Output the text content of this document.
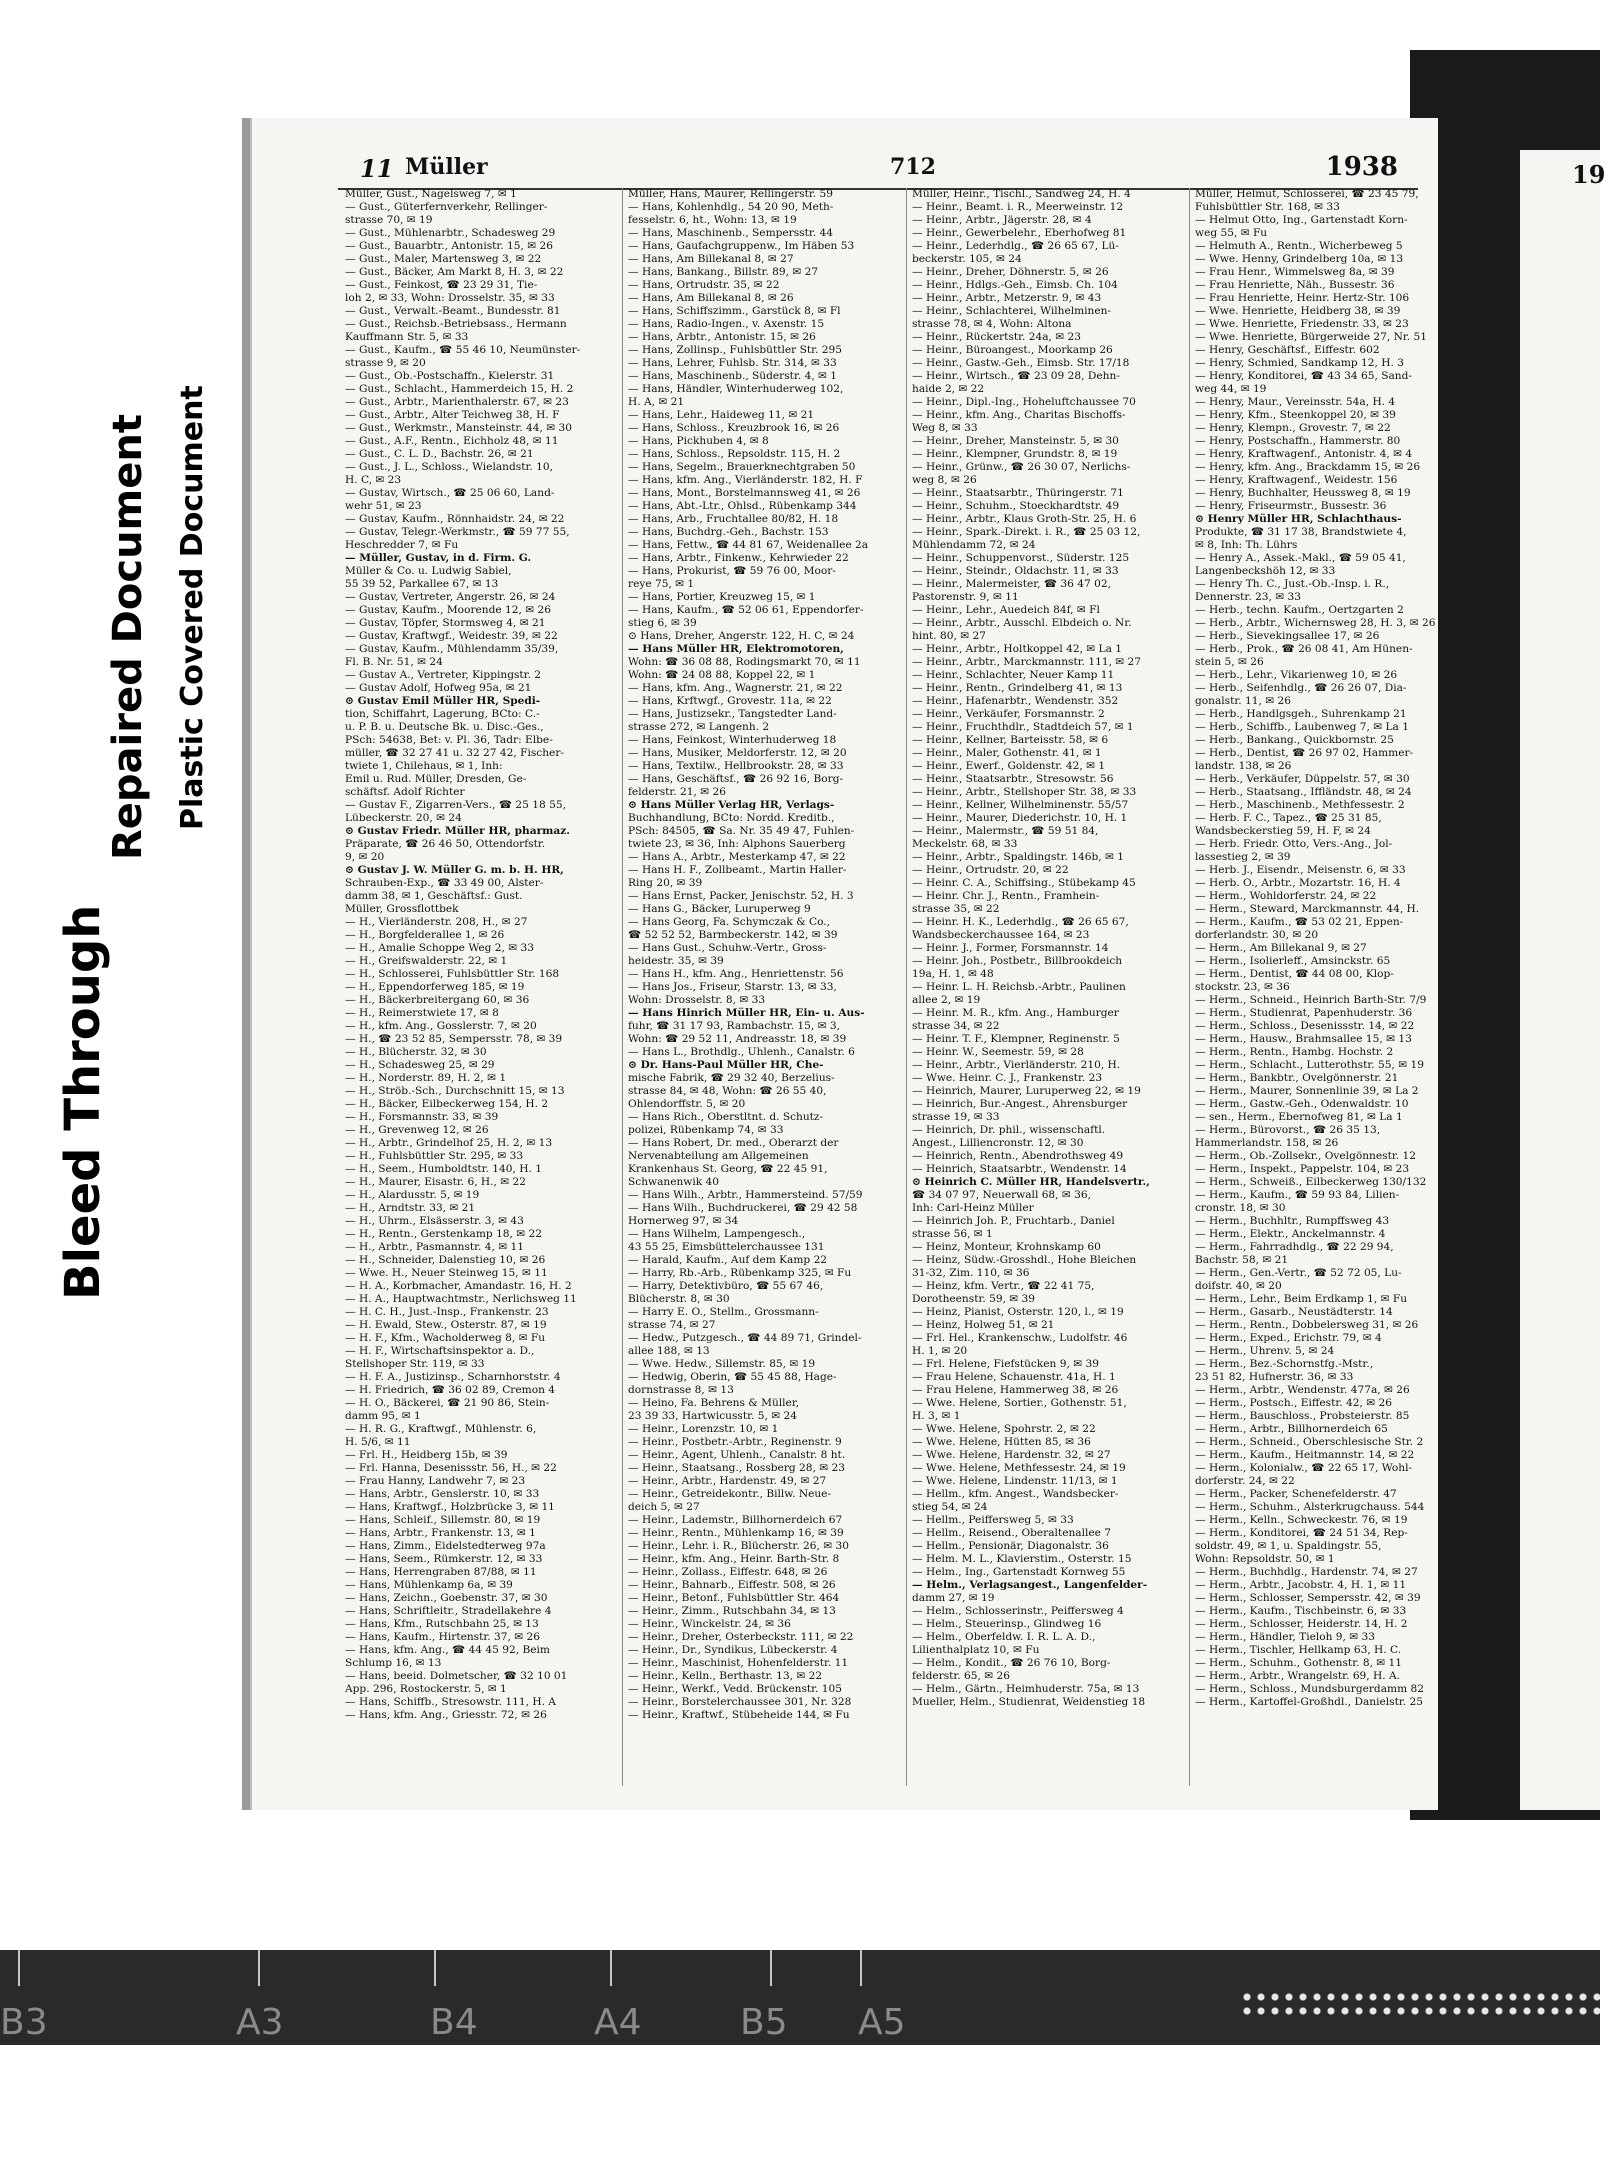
Bleed Through
Repaired Document Plastic Covered Document
19
11 Müller	712	1938
Müller, Gust., Nagelsweg 7, ✉ 1
— Gust., Güterfernverkehr, Rellinger-
strasse 70, ✉ 19
— Gust., Mühlenarbtr., Schadesweg 29
— Gust., Bauarbtr., Antonistr. 15, ✉ 26
— Gust., Maler, Martensweg 3, ✉ 22
— Gust., Bäcker, Am Markt 8, H. 3, ✉ 22
— Gust., Feinkost, ☎ 23 29 31, Tie-
loh 2, ✉ 33, Wohn: Drosselstr. 35, ✉ 33
— Gust., Verwalt.-Beamt., Bundesstr. 81
— Gust., Reichsb.-Betriebsass., Hermann
Kauffmann Str. 5, ✉ 33
— Gust., Kaufm., ☎ 55 46 10, Neumünster-
strasse 9, ✉ 20
— Gust., Ob.-Postschaffn., Kielerstr. 31
— Gust., Schlacht., Hammerdeich 15, H. 2
— Gust., Arbtr., Marienthalerstr. 67, ✉ 23
— Gust., Arbtr., Alter Teichweg 38, H. F
— Gust., Werkmstr., Mansteinstr. 44, ✉ 30
— Gust., A.F., Rentn., Eichholz 48, ✉ 11
— Gust., C. L. D., Bachstr. 26, ✉ 21
— Gust., J. L., Schloss., Wielandstr. 10,
H. C, ✉ 23
— Gustav, Wirtsch., ☎ 25 06 60, Land-
wehr 51, ✉ 23
— Gustav, Kaufm., Rönnhaidstr. 24, ✉ 22
— Gustav, Telegr.-Werkmstr., ☎ 59 77 55,
Heschredder 7, ✉ Fu
— Müller, Gustav, in d. Firm. G.
Müller & Co. u. Ludwig Sabiel,
55 39 52, Parkallee 67, ✉ 13
— Gustav, Vertreter, Angerstr. 26, ✉ 24
— Gustav, Kaufm., Moorende 12, ✉ 26
— Gustav, Töpfer, Stormsweg 4, ✉ 21
— Gustav, Kraftwgf., Weidestr. 39, ✉ 22
— Gustav, Kaufm., Mühlendamm 35/39,
Fl. B. Nr. 51, ✉ 24
— Gustav A., Vertreter, Kippingstr. 2
— Gustav Adolf, Hofweg 95a, ✉ 21
⊙ Gustav Emil Müller HR, Spedi-
tion, Schiffahrt, Lagerung, BCto: C.-
u. P. B. u. Deutsche Bk. u. Disc.-Ges.,
PSch: 54638, Bet: v. Pl. 36, Tadr: Elbe-
müller, ☎ 32 27 41 u. 32 27 42, Fischer-
twiete 1, Chilehaus, ✉ 1, Inh:
Emil u. Rud. Müller, Dresden, Ge-
schäftsf. Adolf Richter
— Gustav F., Zigarren-Vers., ☎ 25 18 55,
Lübeckerstr. 20, ✉ 24
⊙ Gustav Friedr. Müller HR, pharmaz.
Präparate, ☎ 26 46 50, Ottendorfstr.
9, ✉ 20
⊙ Gustav J. W. Müller G. m. b. H. HR,
Schrauben-Exp., ☎ 33 49 00, Alster-
damm 38, ✉ 1, Geschäftsf.: Gust.
Müller, Grossflottbek
— H., Vierländerstr. 208, H., ✉ 27
— H., Borgfelderallee 1, ✉ 26
— H., Amalie Schoppe Weg 2, ✉ 33
— H., Greifswalderstr. 22, ✉ 1
— H., Schlosserei, Fuhlsbüttler Str. 168
— H., Eppendorferweg 185, ✉ 19
— H., Bäckerbreitergang 60, ✉ 36
— H., Reimerstwiete 17, ✉ 8
— H., kfm. Ang., Gosslerstr. 7, ✉ 20
— H., ☎ 23 52 85, Sempersstr. 78, ✉ 39
— H., Blücherstr. 32, ✉ 30
— H., Schadesweg 25, ✉ 29
— H., Norderstr. 89, H. 2, ✉ 1
— H., Ströb.-Sch., Durchschnitt 15, ✉ 13
— H., Bäcker, Eilbeckerweg 154, H. 2
— H., Forsmannstr. 33, ✉ 39
— H., Grevenweg 12, ✉ 26
— H., Arbtr., Grindelhof 25, H. 2, ✉ 13
— H., Fuhlsbüttler Str. 295, ✉ 33
— H., Seem., Humboldtstr. 140, H. 1
— H., Maurer, Eisastr. 6, H., ✉ 22
— H., Alardusstr. 5, ✉ 19
— H., Arndtstr. 33, ✉ 21
— H., Uhrm., Elsässerstr. 3, ✉ 43
— H., Rentn., Gerstenkamp 18, ✉ 22
— H., Arbtr., Pasmannstr. 4, ✉ 11
— H., Schneider, Dalenstieg 10, ✉ 26
— Wwe. H., Neuer Steinweg 15, ✉ 11
— H. A., Korbmacher, Amandastr. 16, H. 2
— H. A., Hauptwachtmstr., Nerlichsweg 11
— H. C. H., Just.-Insp., Frankenstr. 23
— H. Ewald, Stew., Osterstr. 87, ✉ 19
— H. F., Kfm., Wacholderweg 8, ✉ Fu
— H. F., Wirtschaftsinspektor a. D.,
Stellshoper Str. 119, ✉ 33
— H. F. A., Justizinsp., Scharnhorststr. 4
— H. Friedrich, ☎ 36 02 89, Cremon 4
— H. O., Bäckerei, ☎ 21 90 86, Stein-
damm 95, ✉ 1
— H. R. G., Kraftwgf., Mühlenstr. 6,
H. 5/6, ✉ 11
— Frl. H., Heidberg 15b, ✉ 39
— Frl. Hanna, Desenissstr. 56, H., ✉ 22
— Frau Hanny, Landwehr 7, ✉ 23
— Hans, Arbtr., Genslerstr. 10, ✉ 33
— Hans, Kraftwgf., Holzbrücke 3, ✉ 11
— Hans, Schleif., Sillemstr. 80, ✉ 19
— Hans, Arbtr., Frankenstr. 13, ✉ 1
— Hans, Zimm., Eidelstedterweg 97a
— Hans, Seem., Rümkerstr. 12, ✉ 33
— Hans, Herrengraben 87/88, ✉ 11
— Hans, Mühlenkamp 6a, ✉ 39
— Hans, Zeichn., Goebenstr. 37, ✉ 30
— Hans, Schriftleitr., Stradellakehre 4
— Hans, Kfm., Rutschbahn 25, ✉ 13
— Hans, Kaufm., Hirtenstr. 37, ✉ 26
— Hans, kfm. Ang., ☎ 44 45 92, Beim
Schlump 16, ✉ 13
— Hans, beeid. Dolmetscher, ☎ 32 10 01
App. 296, Rostockerstr. 5, ✉ 1
— Hans, Schiffb., Stresowstr. 111, H. A
— Hans, kfm. Ang., Griesstr. 72, ✉ 26
Müller, Hans, Maurer, Rellingerstr. 59
— Hans, Kohlenhdlg., 54 20 90, Meth-
fesselstr. 6, ht., Wohn: 13, ✉ 19
— Hans, Maschinenb., Sempersstr. 44
— Hans, Gaufachgruppenw., Im Häben 53
— Hans, Am Billekanal 8, ✉ 27
— Hans, Bankang., Billstr. 89, ✉ 27
— Hans, Ortrudstr. 35, ✉ 22
— Hans, Am Billekanal 8, ✉ 26
— Hans, Schiffszimm., Garstück 8, ✉ Fl
— Hans, Radio-Ingen., v. Axenstr. 15
— Hans, Arbtr., Antonistr. 15, ✉ 26
— Hans, Zollinsp., Fuhlsbüttler Str. 295
— Hans, Lehrer, Fuhlsb. Str. 314, ✉ 33
— Hans, Maschinenb., Süderstr. 4, ✉ 1
— Hans, Händler, Winterhuderweg 102,
H. A, ✉ 21
— Hans, Lehr., Haideweg 11, ✉ 21
— Hans, Schloss., Kreuzbrook 16, ✉ 26
— Hans, Pickhuben 4, ✉ 8
— Hans, Schloss., Repsoldstr. 115, H. 2
— Hans, Segelm., Brauerknechtgraben 50
— Hans, kfm. Ang., Vierländerstr. 182, H. F
— Hans, Mont., Borstelmannsweg 41, ✉ 26
— Hans, Abt.-Ltr., Ohlsd., Rübenkamp 344
— Hans, Arb., Fruchtallee 80/82, H. 18
— Hans, Buchdrg.-Geh., Bachstr. 153
— Hans, Fettw., ☎ 44 81 67, Weidenallee 2a
— Hans, Arbtr., Finkenw., Kehrwieder 22
— Hans, Prokurist, ☎ 59 76 00, Moor-
reye 75, ✉ 1
— Hans, Portier, Kreuzweg 15, ✉ 1
— Hans, Kaufm., ☎ 52 06 61, Eppendorfer-
stieg 6, ✉ 39
⊙ Hans, Dreher, Angerstr. 122, H. C, ✉ 24
— Hans Müller HR, Elektromotoren,
Wohn: ☎ 36 08 88, Rodingsmarkt 70, ✉ 11
Wohn: ☎ 24 08 88, Koppel 22, ✉ 1
— Hans, kfm. Ang., Wagnerstr. 21, ✉ 22
— Hans, Krftwgf., Grovestr. 11a, ✉ 22
— Hans, Justizsekr., Tangstedter Land-
strasse 272, ✉ Langenh. 2
— Hans, Feinkost, Winterhuderweg 18
— Hans, Musiker, Meldorferstr. 12, ✉ 20
— Hans, Textilw., Hellbrookstr. 28, ✉ 33
— Hans, Geschäftsf., ☎ 26 92 16, Borg-
felderstr. 21, ✉ 26
⊙ Hans Müller Verlag HR, Verlags-
Buchhandlung, BCto: Nordd. Kreditb.,
PSch: 84505, ☎ Sa. Nr. 35 49 47, Fuhlen-
twiete 23, ✉ 36, Inh: Alphons Sauerberg
— Hans A., Arbtr., Mesterkamp 47, ✉ 22
— Hans H. F., Zollbeamt., Martin Haller-
Ring 20, ✉ 39
— Hans Ernst, Packer, Jenischstr. 52, H. 3
— Hans G., Bäcker, Luruperweg 9
— Hans Georg, Fa. Schymczak & Co.,
☎ 52 52 52, Barmbeckerstr. 142, ✉ 39
— Hans Gust., Schuhw.-Vertr., Gross-
heidestr. 35, ✉ 39
— Hans H., kfm. Ang., Henriettenstr. 56
— Hans Jos., Friseur, Starstr. 13, ✉ 33,
Wohn: Drosselstr. 8, ✉ 33
— Hans Hinrich Müller HR, Ein- u. Aus-
fuhr, ☎ 31 17 93, Rambachstr. 15, ✉ 3,
Wohn: ☎ 29 52 11, Andreasstr. 18, ✉ 39
— Hans L., Brothdlg., Uhlenh., Canalstr. 6
⊙ Dr. Hans-Paul Müller HR, Che-
mische Fabrik, ☎ 29 32 40, Berzelius-
strasse 84, ✉ 48, Wohn: ☎ 26 55 40,
Ohlendorffstr. 5, ✉ 20
— Hans Rich., Oberstltnt. d. Schutz-
polizei, Rübenkamp 74, ✉ 33
— Hans Robert, Dr. med., Oberarzt der
Nervenabteilung am Allgemeinen
Krankenhaus St. Georg, ☎ 22 45 91,
Schwanenwik 40
— Hans Wilh., Arbtr., Hammersteind. 57/59
— Hans Wilh., Buchdruckerei, ☎ 29 42 58
Hornerweg 97, ✉ 34
— Hans Wilhelm, Lampengesch.,
43 55 25, Eimsbüttelerchaussee 131
— Harald, Kaufm., Auf dem Kamp 22
— Harry, Rb.-Arb., Rübenkamp 325, ✉ Fu
— Harry, Detektivbüro, ☎ 55 67 46,
Blücherstr. 8, ✉ 30
— Harry E. O., Stellm., Grossmann-
strasse 74, ✉ 27
— Hedw., Putzgesch., ☎ 44 89 71, Grindel-
allee 188, ✉ 13
— Wwe. Hedw., Sillemstr. 85, ✉ 19
— Hedwig, Oberin, ☎ 55 45 88, Hage-
dornstrasse 8, ✉ 13
— Heino, Fa. Behrens & Müller,
23 39 33, Hartwicusstr. 5, ✉ 24
— Heinr., Lorenzstr. 10, ✉ 1
— Heinr., Postbetr.-Arbtr., Reginenstr. 9
— Heinr., Agent, Uhlenh., Canalstr. 8 ht.
— Heinr., Staatsang., Rossberg 28, ✉ 23
— Heinr., Arbtr., Hardenstr. 49, ✉ 27
— Heinr., Getreidekontr., Billw. Neue-
deich 5, ✉ 27
— Heinr., Lademstr., Billhornerdeich 67
— Heinr., Rentn., Mühlenkamp 16, ✉ 39
— Heinr., Lehr. i. R., Blücherstr. 26, ✉ 30
— Heinr., kfm. Ang., Heinr. Barth-Str. 8
— Heinr., Zollass., Eiffestr. 648, ✉ 26
— Heinr., Bahnarb., Eiffestr. 508, ✉ 26
— Heinr., Betonf., Fuhlsbüttler Str. 464
— Heinr., Zimm., Rutschbahn 34, ✉ 13
— Heinr., Winckelstr. 24, ✉ 36
— Heinr., Dreher, Osterbeckstr. 111, ✉ 22
— Heinr., Dr., Syndikus, Lübeckerstr. 4
— Heinr., Maschinist, Hohenfelderstr. 11
— Heinr., Kelln., Berthastr. 13, ✉ 22
— Heinr., Werkf., Vedd. Brückenstr. 105
— Heinr., Borstelerchaussee 301, Nr. 328
— Heinr., Kraftwf., Stübeheide 144, ✉ Fu
Müller, Heinr., Tischl., Sandweg 24, H. 4
— Heinr., Beamt. i. R., Meerweinstr. 12
— Heinr., Arbtr., Jägerstr. 28, ✉ 4
— Heinr., Gewerbelehr., Eberhofweg 81
— Heinr., Lederhdlg., ☎ 26 65 67, Lü-
beckerstr. 105, ✉ 24
— Heinr., Dreher, Döhnerstr. 5, ✉ 26
— Heinr., Hdlgs.-Geh., Eimsb. Ch. 104
— Heinr., Arbtr., Metzerstr. 9, ✉ 43
— Heinr., Schlachterei, Wilhelminen-
strasse 78, ✉ 4, Wohn: Altona
— Heinr., Rückertstr. 24a, ✉ 23
— Heinr., Büroangest., Moorkamp 26
— Heinr., Gastw.-Geh., Eimsb. Str. 17/18
— Heinr., Wirtsch., ☎ 23 09 28, Dehn-
haide 2, ✉ 22
— Heinr., Dipl.-Ing., Hoheluftchaussee 70
— Heinr., kfm. Ang., Charitas Bischoffs-
Weg 8, ✉ 33
— Heinr., Dreher, Mansteinstr. 5, ✉ 30
— Heinr., Klempner, Grundstr. 8, ✉ 19
— Heinr., Grünw., ☎ 26 30 07, Nerlichs-
weg 8, ✉ 26
— Heinr., Staatsarbtr., Thüringerstr. 71
— Heinr., Schuhm., Stoeckhardtstr. 49
— Heinr., Arbtr., Klaus Groth-Str. 25, H. 6
— Heinr., Spark.-Direkt. i. R., ☎ 25 03 12,
Mühlendamm 72, ✉ 24
— Heinr., Schuppenvorst., Süderstr. 125
— Heinr., Steindr., Oldachstr. 11, ✉ 33
— Heinr., Malermeister, ☎ 36 47 02,
Pastorenstr. 9, ✉ 11
— Heinr., Lehr., Auedeich 84f, ✉ Fl
— Heinr., Arbtr., Ausschl. Elbdeich o. Nr.
hint. 80, ✉ 27
— Heinr., Arbtr., Holtkoppel 42, ✉ La 1
— Heinr., Arbtr., Marckmannstr. 111, ✉ 27
— Heinr., Schlachter, Neuer Kamp 11
— Heinr., Rentn., Grindelberg 41, ✉ 13
— Heinr., Hafenarbtr., Wendenstr. 352
— Heinr., Verkäufer, Forsmannstr. 2
— Heinr., Fruchthdlr., Stadtdeich 57, ✉ 1
— Heinr., Kellner, Barteisstr. 58, ✉ 6
— Heinr., Maler, Gothenstr. 41, ✉ 1
— Heinr., Ewerf., Goldenstr. 42, ✉ 1
— Heinr., Staatsarbtr., Stresowstr. 56
— Heinr., Arbtr., Stellshoper Str. 38, ✉ 33
— Heinr., Kellner, Wilhelminenstr. 55/57
— Heinr., Maurer, Diederichstr. 10, H. 1
— Heinr., Malermstr., ☎ 59 51 84,
Meckelstr. 68, ✉ 33
— Heinr., Arbtr., Spaldingstr. 146b, ✉ 1
— Heinr., Ortrudstr. 20, ✉ 22
— Heinr. C. A., Schiffsing., Stübekamp 45
— Heinr. Chr. J., Rentn., Framhein-
strasse 35, ✉ 22
— Heinr. H. K., Lederhdlg., ☎ 26 65 67,
Wandsbeckerchaussee 164, ✉ 23
— Heinr. J., Former, Forsmannstr. 14
— Heinr. Joh., Postbetr., Billbrookdeich
19a, H. 1, ✉ 48
— Heinr. L. H. Reichsb.-Arbtr., Paulinen
allee 2, ✉ 19
— Heinr. M. R., kfm. Ang., Hamburger
strasse 34, ✉ 22
— Heinr. T. F., Klempner, Reginenstr. 5
— Heinr. W., Seemestr. 59, ✉ 28
— Heinr., Arbtr., Vierländerstr. 210, H.
— Wwe. Heinr. C. J., Frankenstr. 23
— Heinrich, Maurer, Luruperweg 22, ✉ 19
— Heinrich, Bur.-Angest., Ahrensburger
strasse 19, ✉ 33
— Heinrich, Dr. phil., wissenschaftl.
Angest., Lilliencronstr. 12, ✉ 30
— Heinrich, Rentn., Abendrothsweg 49
— Heinrich, Staatsarbtr., Wendenstr. 14
⊙ Heinrich C. Müller HR, Handelsvertr.,
☎ 34 07 97, Neuerwall 68, ✉ 36,
Inh: Carl-Heinz Müller
— Heinrich Joh. P., Fruchtarb., Daniel
strasse 56, ✉ 1
— Heinz, Monteur, Krohnskamp 60
— Heinz, Südw.-Grosshdl., Hohe Bleichen
31-32, Zim. 110, ✉ 36
— Heinz, kfm. Vertr., ☎ 22 41 75,
Dorotheenstr. 59, ✉ 39
— Heinz, Pianist, Osterstr. 120, l., ✉ 19
— Heinz, Holweg 51, ✉ 21
— Frl. Hel., Krankenschw., Ludolfstr. 46
H. 1, ✉ 20
— Frl. Helene, Fiefstücken 9, ✉ 39
— Frau Helene, Schauenstr. 41a, H. 1
— Frau Helene, Hammerweg 38, ✉ 26
— Wwe. Helene, Sortier., Gothenstr. 51,
H. 3, ✉ 1
— Wwe. Helene, Spohrstr. 2, ✉ 22
— Wwe. Helene, Hütten 85, ✉ 36
— Wwe. Helene, Hardenstr. 32, ✉ 27
— Wwe. Helene, Methfessestr. 24, ✉ 19
— Wwe. Helene, Lindenstr. 11/13, ✉ 1
— Hellm., kfm. Angest., Wandsbecker-
stieg 54, ✉ 24
— Hellm., Peiffersweg 5, ✉ 33
— Hellm., Reisend., Oberaltenallee 7
— Hellm., Pensionär, Diagonalstr. 36
— Helm. M. L., Klavierstim., Osterstr. 15
— Helm., Ing., Gartenstadt Kornweg 55
— Helm., Verlagsangest., Langenfelder-
damm 27, ✉ 19
— Helm., Schlosserinstr., Peiffersweg 4
— Helm., Steuerinsp., Glindweg 16
— Helm., Oberfeldw. I. R. L. A. D.,
Lilienthalplatz 10, ✉ Fu
— Helm., Kondit., ☎ 26 76 10, Borg-
felderstr. 65, ✉ 26
— Helm., Gärtn., Heimhuderstr. 75a, ✉ 13
Mueller, Helm., Studienrat, Weidenstieg 18
Müller, Helmut, Schlosserei, ☎ 23 45 79,
Fuhlsbüttler Str. 168, ✉ 33
— Helmut Otto, Ing., Gartenstadt Korn-
weg 55, ✉ Fu
— Helmuth A., Rentn., Wicherbeweg 5
— Wwe. Henny, Grindelberg 10a, ✉ 13
— Frau Henr., Wimmelsweg 8a, ✉ 39
— Frau Henriette, Näh., Bussestr. 36
— Frau Henriette, Heinr. Hertz-Str. 106
— Wwe. Henriette, Heidberg 38, ✉ 39
— Wwe. Henriette, Friedenstr. 33, ✉ 23
— Wwe. Henriette, Bürgerweide 27, Nr. 51
— Henry, Geschäftsf., Eiffestr. 602
— Henry, Schmied, Sandkamp 12, H. 3
— Henry, Konditorei, ☎ 43 34 65, Sand-
weg 44, ✉ 19
— Henry, Maur., Vereinsstr. 54a, H. 4
— Henry, Kfm., Steenkoppel 20, ✉ 39
— Henry, Klempn., Grovestr. 7, ✉ 22
— Henry, Postschaffn., Hammerstr. 80
— Henry, Kraftwagenf., Antonistr. 4, ✉ 4
— Henry, kfm. Ang., Brackdamm 15, ✉ 26
— Henry, Kraftwagenf., Weidestr. 156
— Henry, Buchhalter, Heussweg 8, ✉ 19
— Henry, Friseurmstr., Bussestr. 36
⊙ Henry Müller HR, Schlachthaus-
Produkte, ☎ 31 17 38, Brandstwiete 4,
✉ 8, Inh: Th. Lührs
— Henry A., Assek.-Makl., ☎ 59 05 41,
Langenbeckshöh 12, ✉ 33
— Henry Th. C., Just.-Ob.-Insp. i. R.,
Dennerstr. 23, ✉ 33
— Herb., techn. Kaufm., Oertzgarten 2
— Herb., Arbtr., Wichernsweg 28, H. 3, ✉ 26
— Herb., Sievekingsallee 17, ✉ 26
— Herb., Prok., ☎ 26 08 41, Am Hünen-
stein 5, ✉ 26
— Herb., Lehr., Vikarienweg 10, ✉ 26
— Herb., Seifenhdlg., ☎ 26 26 07, Dia-
gonalstr. 11, ✉ 26
— Herb., Handlgsgeh., Suhrenkamp 21
— Herb., Schiffb., Laubenweg 7, ✉ La 1
— Herb., Bankang., Quickbornstr. 25
— Herb., Dentist, ☎ 26 97 02, Hammer-
landstr. 138, ✉ 26
— Herb., Verkäufer, Düppelstr. 57, ✉ 30
— Herb., Staatsang., Iffländstr. 48, ✉ 24
— Herb., Maschinenb., Methfessestr. 2
— Herb. F. C., Tapez., ☎ 25 31 85,
Wandsbeckerstieg 59, H. F, ✉ 24
— Herb. Friedr. Otto, Vers.-Ang., Jol-
lassestieg 2, ✉ 39
— Herb. J., Eisendr., Meisenstr. 6, ✉ 33
— Herb. O., Arbtr., Mozartstr. 16, H. 4
— Herm., Wohldorferstr. 24, ✉ 22
— Herm., Steward, Marckmannstr. 44, H.
— Herm., Kaufm., ☎ 53 02 21, Eppen-
dorferlandstr. 30, ✉ 20
— Herm., Am Billekanal 9, ✉ 27
— Herm., Isolierleff., Amsinckstr. 65
— Herm., Dentist, ☎ 44 08 00, Klop-
stockstr. 23, ✉ 36
— Herm., Schneid., Heinrich Barth-Str. 7/9
— Herm., Studienrat, Papenhuderstr. 36
— Herm., Schloss., Desenissstr. 14, ✉ 22
— Herm., Hausw., Brahmsallee 15, ✉ 13
— Herm., Rentn., Hambg. Hochstr. 2
— Herm., Schlacht., Lutterothstr. 55, ✉ 19
— Herm., Bankbtr., Ovelgönnerstr. 21
— Herm., Maurer, Sonnenlinie 39, ✉ La 2
— Herm., Gastw.-Geh., Odenwaldstr. 10
— sen., Herm., Ebernofweg 81, ✉ La 1
— Herm., Bürovorst., ☎ 26 35 13,
Hammerlandstr. 158, ✉ 26
— Herm., Ob.-Zollsekr., Ovelgönnestr. 12
— Herm., Inspekt., Pappelstr. 104, ✉ 23
— Herm., Schweiß., Eilbeckerweg 130/132
— Herm., Kaufm., ☎ 59 93 84, Lilien-
cronstr. 18, ✉ 30
— Herm., Buchhltr., Rumpffsweg 43
— Herm., Elektr., Anckelmannstr. 4
— Herm., Fahrradhdlg., ☎ 22 29 94,
Bachstr. 58, ✉ 21
— Herm., Gen.-Vertr., ☎ 52 72 05, Lu-
doifstr. 40, ✉ 20
— Herm., Lehr., Beim Erdkamp 1, ✉ Fu
— Herm., Gasarb., Neustädterstr. 14
— Herm., Rentn., Dobbelersweg 31, ✉ 26
— Herm., Exped., Erichstr. 79, ✉ 4
— Herm., Uhrenv. 5, ✉ 24
— Herm., Bez.-Schornstfg.-Mstr.,
23 51 82, Hufnerstr. 36, ✉ 33
— Herm., Arbtr., Wendenstr. 477a, ✉ 26
— Herm., Postsch., Eiffestr. 42, ✉ 26
— Herm., Bauschloss., Probsteierstr. 85
— Herm., Arbtr., Billhornerdeich 65
— Herm., Schneid., Oberschlesische Str. 2
— Herm., Kaufm., Heitmannstr. 14, ✉ 22
— Herm., Kolonialw., ☎ 22 65 17, Wohl-
dorferstr. 24, ✉ 22
— Herm., Packer, Schenefelderstr. 47
— Herm., Schuhm., Alsterkrugchauss. 544
— Herm., Kelln., Schweckestr. 76, ✉ 19
— Herm., Konditorei, ☎ 24 51 34, Rep-
soldstr. 49, ✉ 1, u. Spaldingstr. 55,
Wohn: Repsoldstr. 50, ✉ 1
— Herm., Buchhdlg., Hardenstr. 74, ✉ 27
— Herm., Arbtr., Jacobstr. 4, H. 1, ✉ 11
— Herm., Schlosser, Sempersstr. 42, ✉ 39
— Herm., Kaufm., Tischbeinstr. 6, ✉ 33
— Herm., Schlosser, Heiderstr. 14, H. 2
— Herm., Händler, Tieloh 9, ✉ 33
— Herm., Tischler, Hellkamp 63, H. C.
— Herm., Schuhm., Gothenstr. 8, ✉ 11
— Herm., Arbtr., Wrangelstr. 69, H. A.
— Herm., Schloss., Mundsburgerdamm 82
— Herm., Kartoffel-Großhdl., Danielstr. 25
B3	A3	B4	A4	B5 A5
